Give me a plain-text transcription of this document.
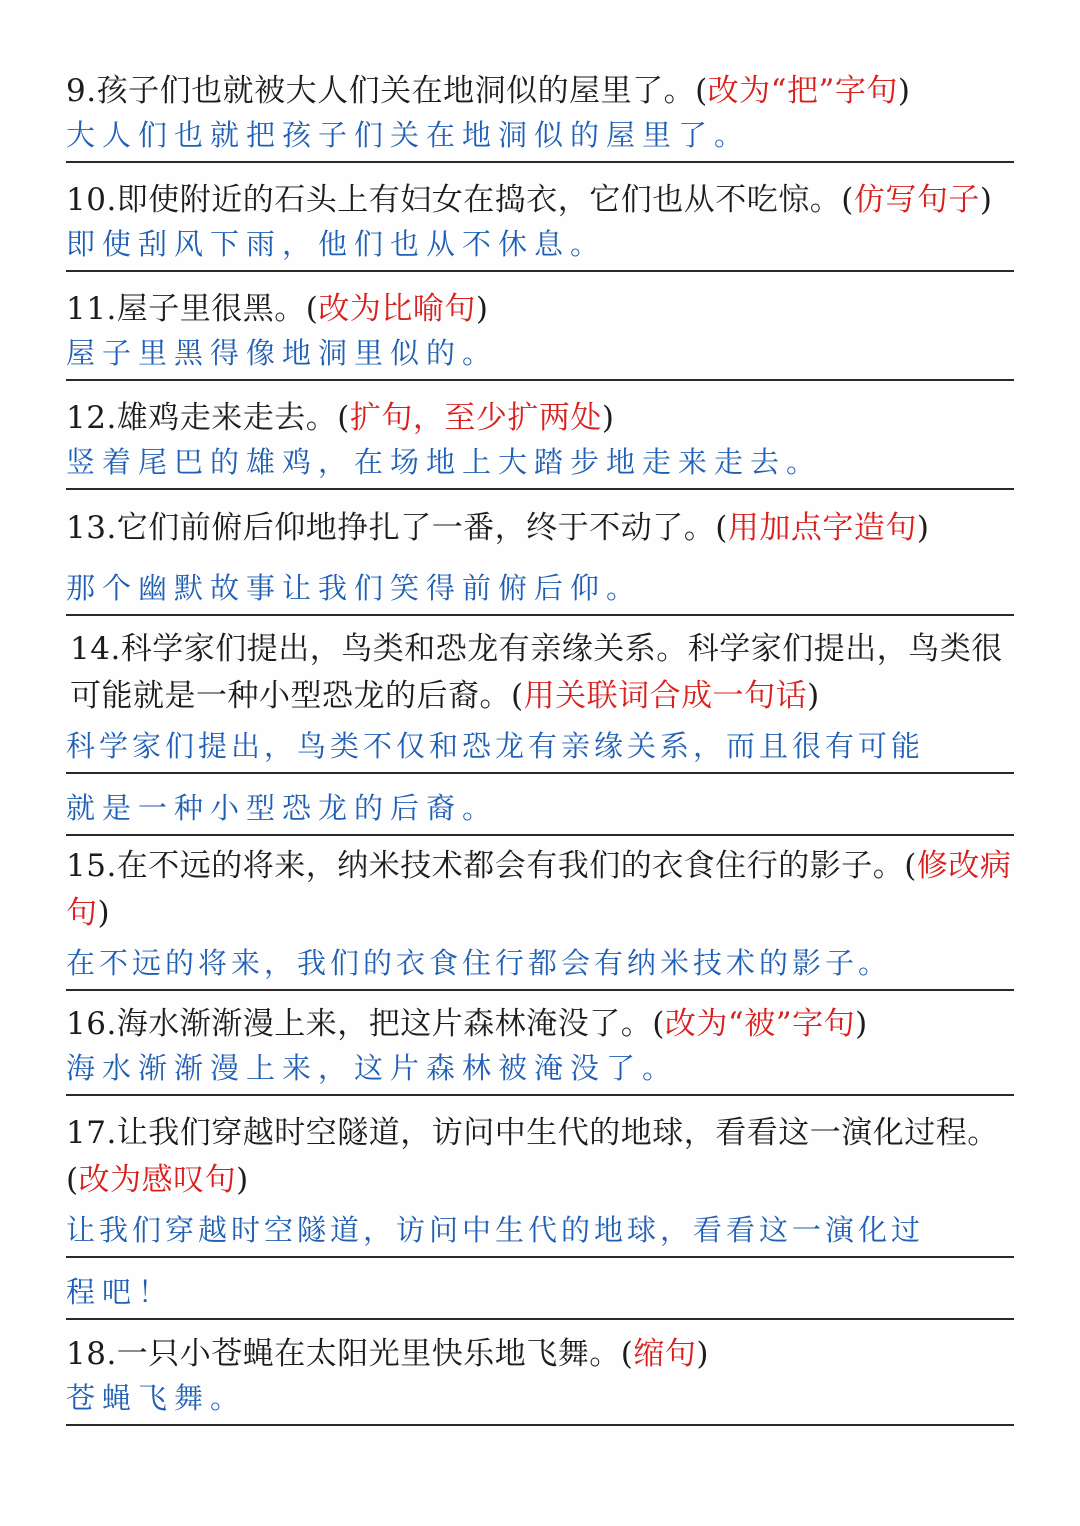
9.孩子们也就被大人们关在地洞似的屋里了。(改为“把”字句)

大人们也就把孩子们关在地洞似的屋里了。

10.即使附近的石头上有妇女在捣衣，它们也从不吃惊。(仿写句子)

即使刮风下雨，他们也从不休息。

11.屋子里很黑。(改为比喻句)

屋子里黑得像地洞里似的。

12.雄鸡走来走去。(扩句，至少扩两处)

竖着尾巴的雄鸡，在场地上大踏步地走来走去。

13.它们前俯后仰地挣扎了一番，终于不动了。(用加点字造句)

那个幽默故事让我们笑得前俯后仰。

14.科学家们提出，鸟类和恐龙有亲缘关系。科学家们提出，鸟类很可能就是一种小型恐龙的后裔。(用关联词合成一句话)

科学家们提出，鸟类不仅和恐龙有亲缘关系，而且很有可能

就是一种小型恐龙的后裔。

15.在不远的将来，纳米技术都会有我们的衣食住行的影子。(修改病句)

在不远的将来，我们的衣食住行都会有纳米技术的影子。

16.海水渐渐漫上来，把这片森林淹没了。(改为“被”字句)

海水渐渐漫上来，这片森林被淹没了。

17.让我们穿越时空隧道，访问中生代的地球，看看这一演化过程。(改为感叹句)

让我们穿越时空隧道，访问中生代的地球，看看这一演化过

程吧！

18.一只小苍蝇在太阳光里快乐地飞舞。(缩句)

苍蝇飞舞。
